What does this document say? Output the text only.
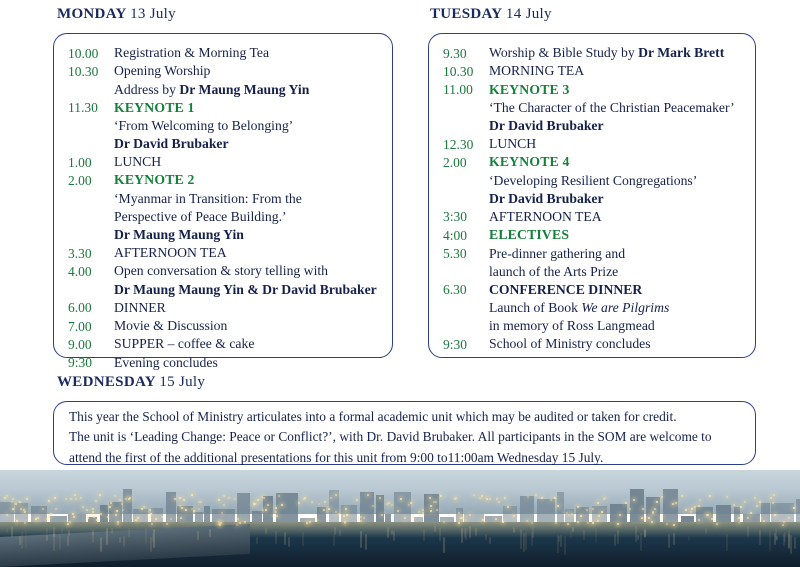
MONDAY 13 July	TUESDAY 14 July
WEDNESDAY 15 July
10.00	Registration & Morning Tea
10.30	Opening Worship
Address by Dr Maung Maung Yin
11.30	KEYNOTE 1
‘From Welcoming to Belonging’
Dr David Brubaker
1.00	LUNCH
2.00	KEYNOTE 2
‘Myanmar in Transition: From the
Perspective of Peace Building.’
Dr Maung Maung Yin
3.30	AFTERNOON TEA
4.00	Open conversation & story telling with
Dr Maung Maung Yin & Dr David Brubaker
6.00	DINNER
7.00	Movie & Discussion
9.00	SUPPER – coffee & cake
9:30	Evening concludes
9.30	Worship & Bible Study by Dr Mark Brett
10.30	MORNING TEA
11.00	KEYNOTE 3
‘The Character of the Christian Peacemaker’
Dr David Brubaker
12.30	LUNCH
2.00	KEYNOTE 4
‘Developing Resilient Congregations’
Dr David Brubaker
3:30	AFTERNOON TEA
4:00	ELECTIVES
5.30	Pre-dinner gathering and
launch of the Arts Prize
6.30	CONFERENCE DINNER
Launch of Book We are Pilgrims
in memory of Ross Langmead
9:30	School of Ministry concludes
This year the School of Ministry articulates into a formal academic unit which may be audited or taken for credit.
The unit is ‘Leading Change: Peace or Conflict?’, with Dr. David Brubaker. All participants in the SOM are welcome to
attend the first of the additional presentations for this unit from 9:00 to11:00am Wednesday 15 July.
